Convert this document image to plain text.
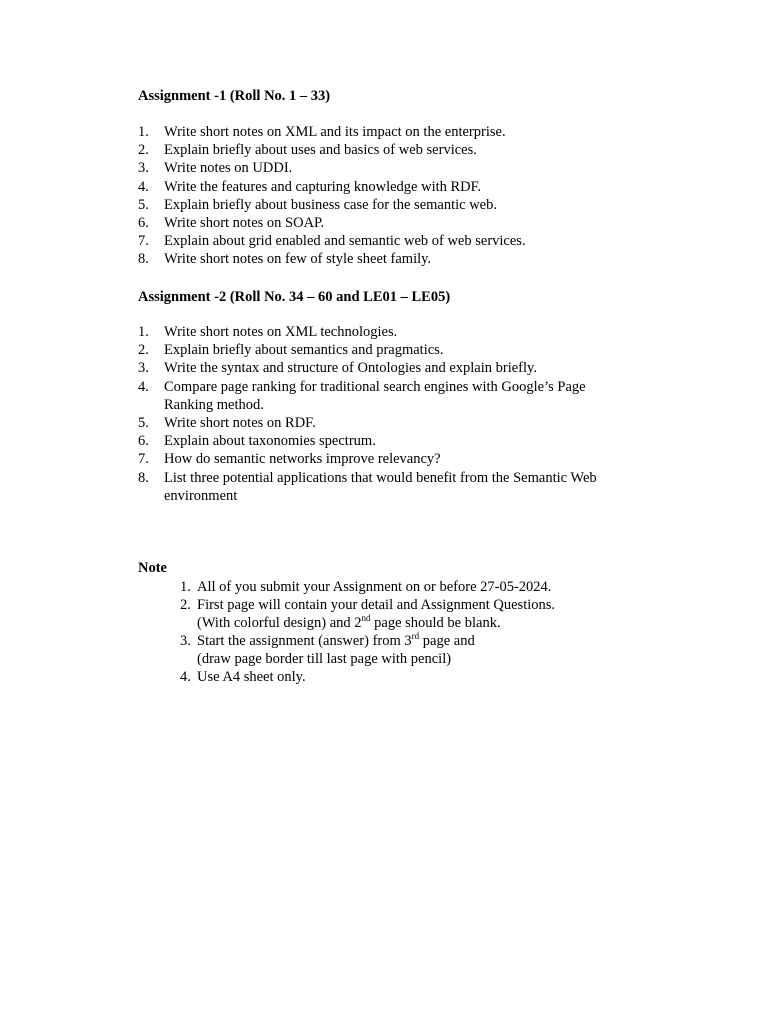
Assignment -1 (Roll No. 1 – 33)
1.	Write short notes on XML and its impact on the enterprise.
2.	Explain briefly about uses and basics of web services.
3.	Write notes on UDDI.
4.	Write the features and capturing knowledge with RDF.
5.	Explain briefly about business case for the semantic web.
6.	Write short notes on SOAP.
7.	Explain about grid enabled and semantic web of web services.
8.	Write short notes on few of style sheet family.
Assignment -2 (Roll No. 34 – 60 and LE01 – LE05)
1.	Write short notes on XML technologies.
2.	Explain briefly about semantics and pragmatics.
3.	Write the syntax and structure of Ontologies and explain briefly.
4.	Compare page ranking for traditional search engines with Google’s Page Ranking method.
5.	Write short notes on RDF.
6.	Explain about taxonomies spectrum.
7.	How do semantic networks improve relevancy?
8.	List three potential applications that would benefit from the Semantic Web environment
Note
1. All of you submit your Assignment on or before 27-05-2024.
2. First page will contain your detail and Assignment Questions.
(With colorful design) and 2nd page should be blank.
3. Start the assignment (answer) from 3rd page and
(draw page border till last page with pencil)
4. Use A4 sheet only.
